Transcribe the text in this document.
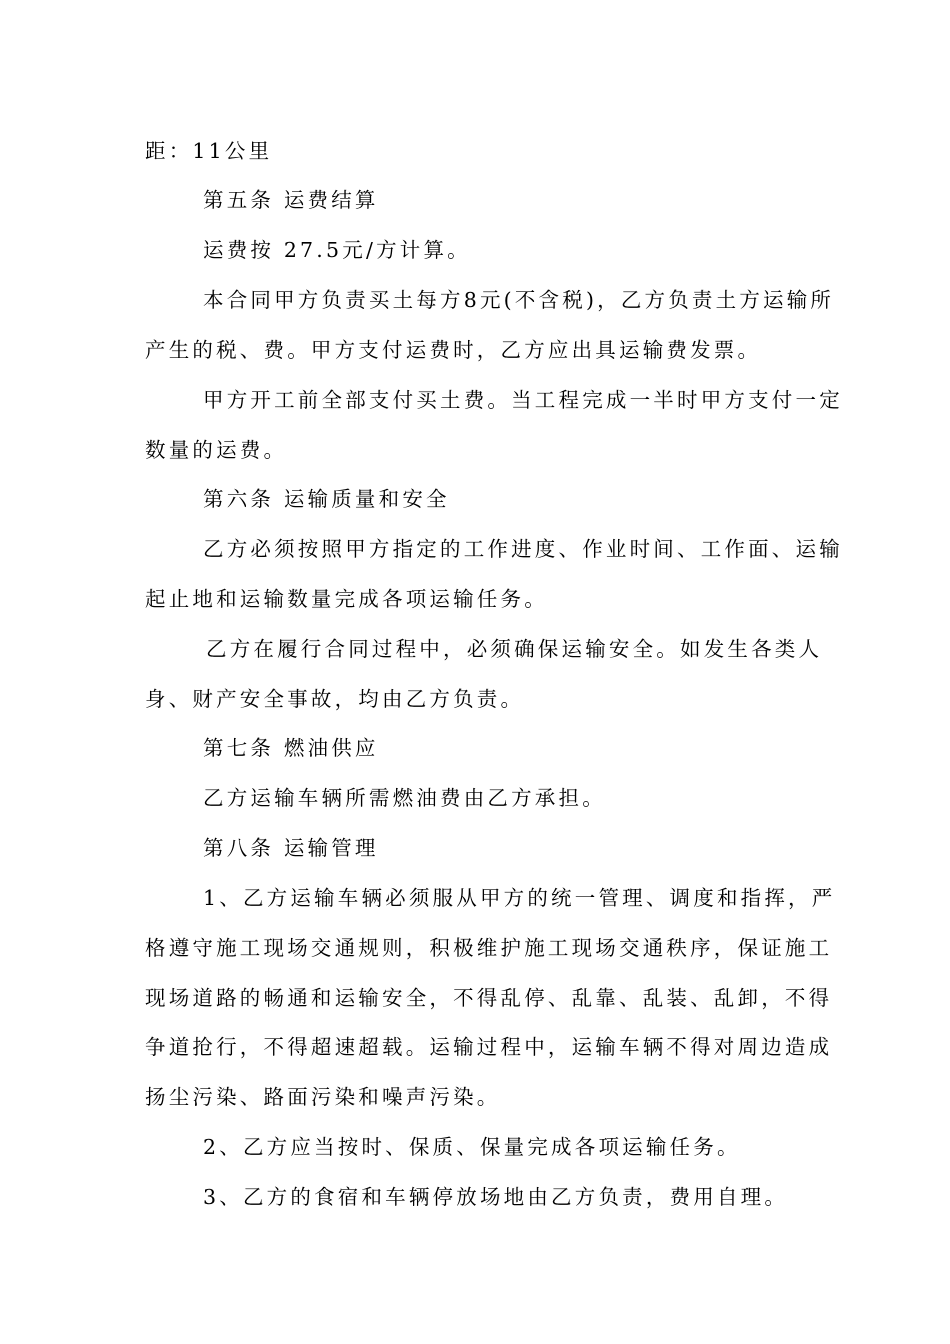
距：11公里
第五条 运费结算
运费按 27.5元/方计算。
本合同甲方负责买土每方8元(不含税)，乙方负责土方运输所
产生的税、费。甲方支付运费时，乙方应出具运输费发票。
甲方开工前全部支付买土费。当工程完成一半时甲方支付一定
数量的运费。
第六条 运输质量和安全
乙方必须按照甲方指定的工作进度、作业时间、工作面、运输
起止地和运输数量完成各项运输任务。
乙方在履行合同过程中，必须确保运输安全。如发生各类人
身、财产安全事故，均由乙方负责。
第七条 燃油供应
乙方运输车辆所需燃油费由乙方承担。
第八条 运输管理
1、乙方运输车辆必须服从甲方的统一管理、调度和指挥，严
格遵守施工现场交通规则，积极维护施工现场交通秩序，保证施工
现场道路的畅通和运输安全，不得乱停、乱靠、乱装、乱卸，不得
争道抢行，不得超速超载。运输过程中，运输车辆不得对周边造成
扬尘污染、路面污染和噪声污染。
2、乙方应当按时、保质、保量完成各项运输任务。
3、乙方的食宿和车辆停放场地由乙方负责，费用自理。
